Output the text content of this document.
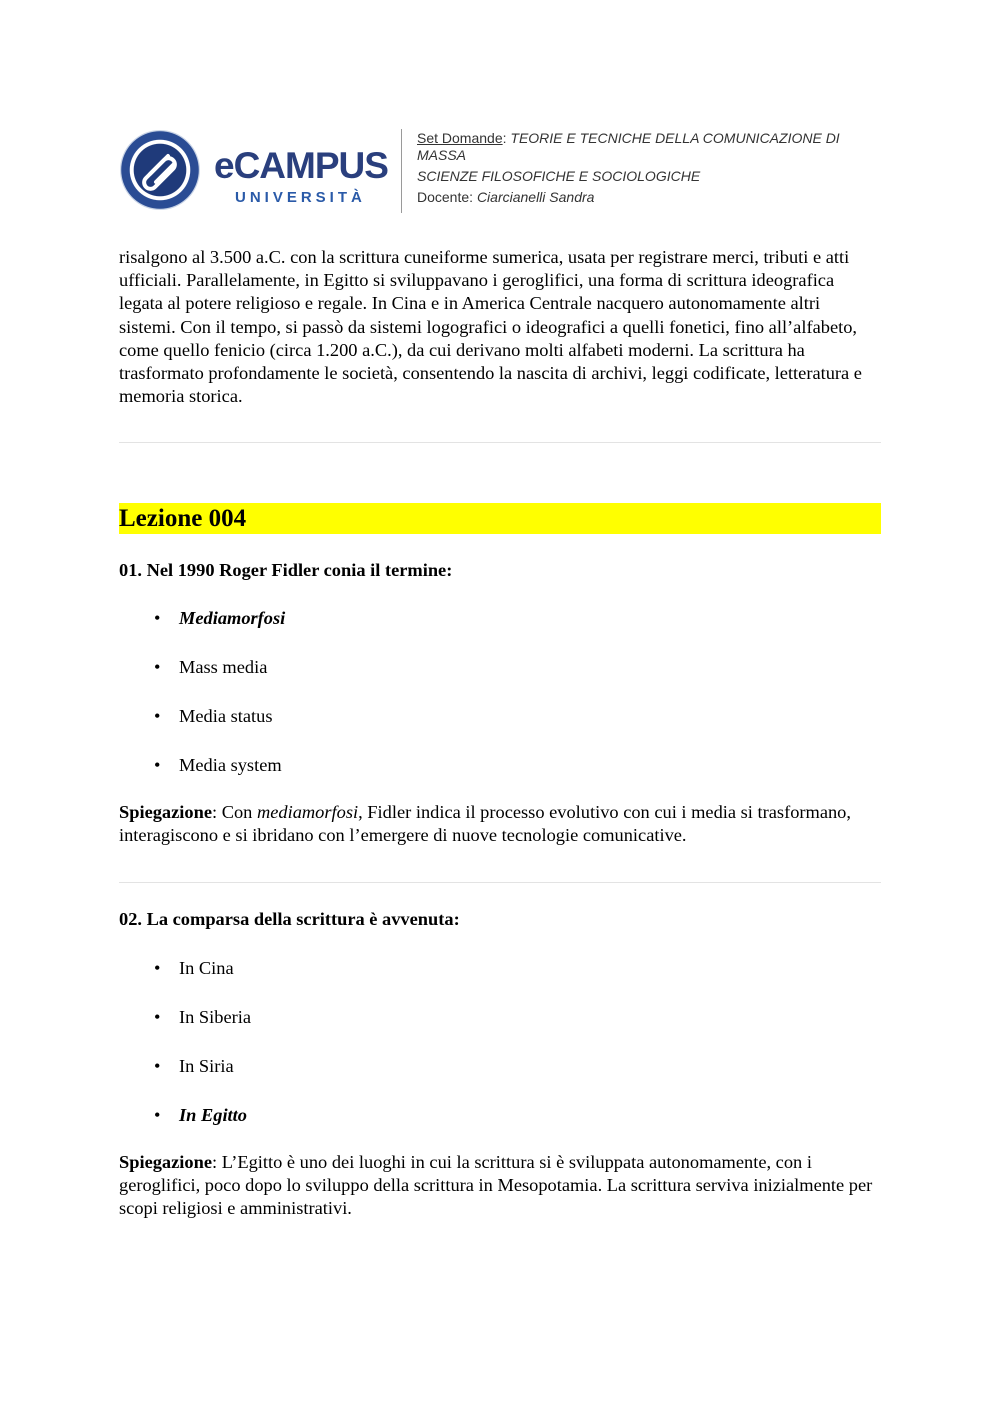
eCAMPUS
UNIVERSITÀ
Set Domande: TEORIE E TECNICHE DELLA COMUNICAZIONE DI MASSA
SCIENZE FILOSOFICHE E SOCIOLOGICHE
Docente: Ciarcianelli Sandra
risalgono al 3.500 a.C. con la scrittura cuneiforme sumerica, usata per registrare merci, tributi e atti ufficiali. Parallelamente, in Egitto si sviluppavano i geroglifici, una forma di scrittura ideografica legata al potere religioso e regale. In Cina e in America Centrale nacquero autonomamente altri sistemi. Con il tempo, si passò da sistemi logografici o ideografici a quelli fonetici, fino all’alfabeto, come quello fenicio (circa 1.200 a.C.), da cui derivano molti alfabeti moderni. La scrittura ha trasformato profondamente le società, consentendo la nascita di archivi, leggi codificate, letteratura e memoria storica.
Lezione 004
01. Nel 1990 Roger Fidler conia il termine:
• Mediamorfosi
• Mass media
• Media status
• Media system
Spiegazione: Con mediamorfosi, Fidler indica il processo evolutivo con cui i media si trasformano, interagiscono e si ibridano con l’emergere di nuove tecnologie comunicative.
02. La comparsa della scrittura è avvenuta:
• In Cina
• In Siberia
• In Siria
• In Egitto
Spiegazione: L’Egitto è uno dei luoghi in cui la scrittura si è sviluppata autonomamente, con i geroglifici, poco dopo lo sviluppo della scrittura in Mesopotamia. La scrittura serviva inizialmente per scopi religiosi e amministrativi.
